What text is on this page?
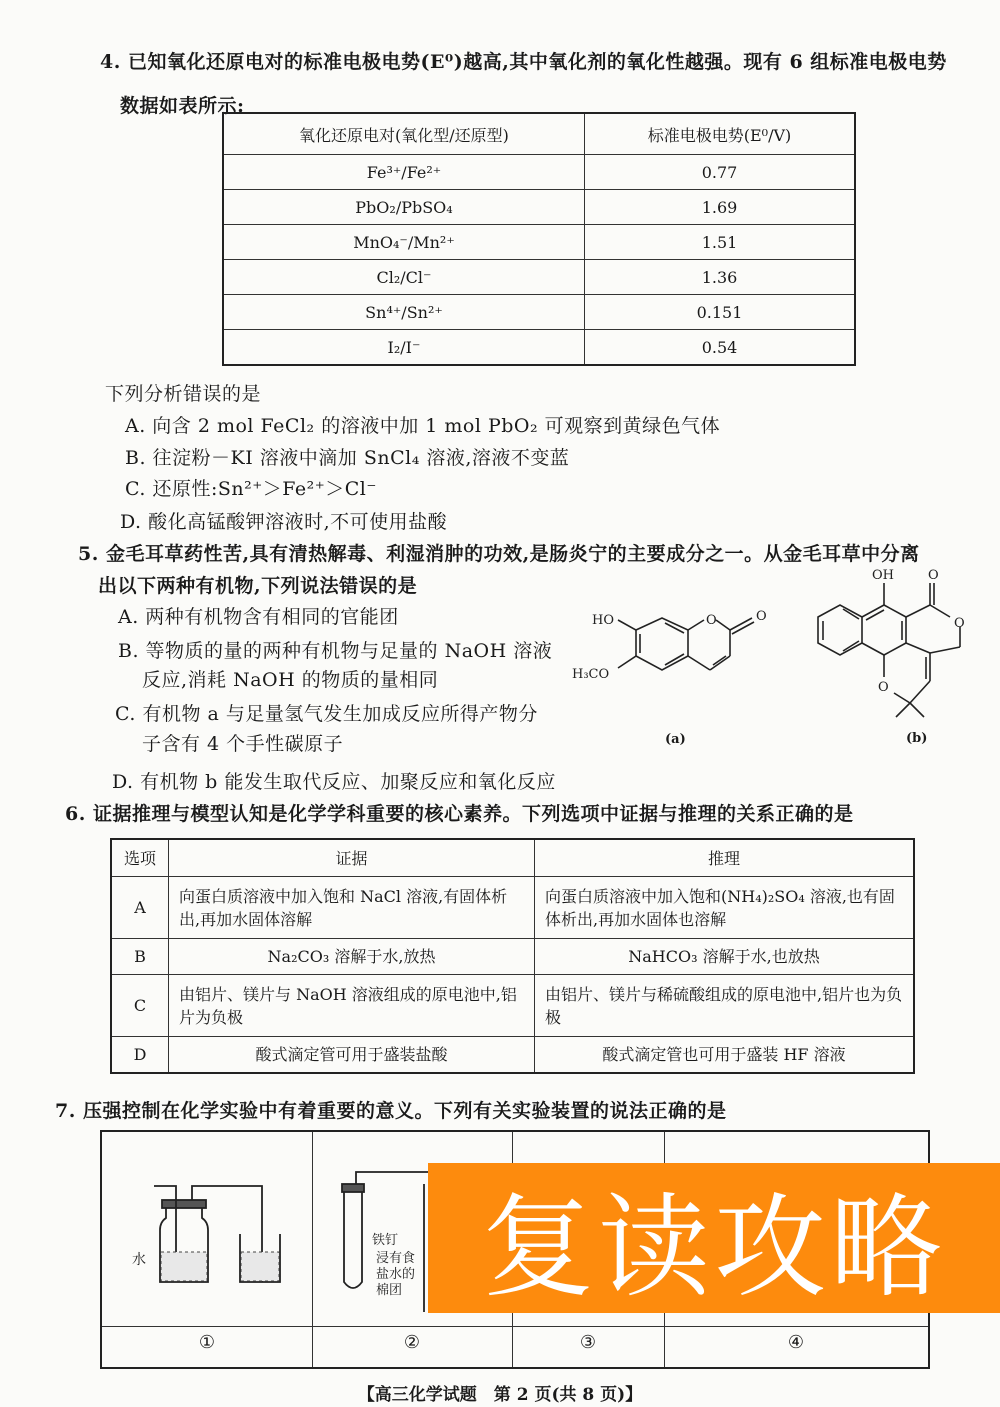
4. 已知氧化还原电对的标准电极电势(E⁰)越高,其中氧化剂的氧化性越强。现有 6 组标准电极电势
数据如表所示:
氧化还原电对(氧化型/还原型)	标准电极电势(E⁰/V)
Fe³⁺/Fe²⁺	0.77
PbO₂/PbSO₄	1.69
MnO₄⁻/Mn²⁺	1.51
Cl₂/Cl⁻	1.36
Sn⁴⁺/Sn²⁺	0.151
I₂/I⁻	0.54
下列分析错误的是
A. 向含 2 mol FeCl₂ 的溶液中加 1 mol PbO₂ 可观察到黄绿色气体
B. 往淀粉－KI 溶液中滴加 SnCl₄ 溶液,溶液不变蓝
C. 还原性:Sn²⁺＞Fe²⁺＞Cl⁻
D. 酸化高锰酸钾溶液时,不可使用盐酸
5. 金毛耳草药性苦,具有清热解毒、利湿消肿的功效,是肠炎宁的主要成分之一。从金毛耳草中分离
出以下两种有机物,下列说法错误的是
A. 两种有机物含有相同的官能团
B. 等物质的量的两种有机物与足量的 NaOH 溶液
反应,消耗 NaOH 的物质的量相同
C. 有机物 a 与足量氢气发生加成反应所得产物分
子含有 4 个手性碳原子
D. 有机物 b 能发生取代反应、加聚反应和氧化反应
HO	O	O
H₃CO
(a)
OH	O
O
O
(b)
6. 证据推理与模型认知是化学学科重要的核心素养。下列选项中证据与推理的关系正确的是
选项	证据	推理
A	向蛋白质溶液中加入饱和 NaCl 溶液,有固体析出,再加水固体溶解	向蛋白质溶液中加入饱和(NH₄)₂SO₄ 溶液,也有固体析出,再加水固体也溶解
B	Na₂CO₃ 溶解于水,放热	NaHCO₃ 溶解于水,也放热
C	由铝片、镁片与 NaOH 溶液组成的原电池中,铝片为负极	由铝片、镁片与稀硫酸组成的原电池中,铝片也为负极
D	酸式滴定管可用于盛装盐酸	酸式滴定管也可用于盛装 HF 溶液
7. 压强控制在化学实验中有着重要的意义。下列有关实验装置的说法正确的是
水
铁钉
浸有食
盐水的
棉团
①	②	③	④
复读攻略
【高三化学试题　第 2 页(共 8 页)】
